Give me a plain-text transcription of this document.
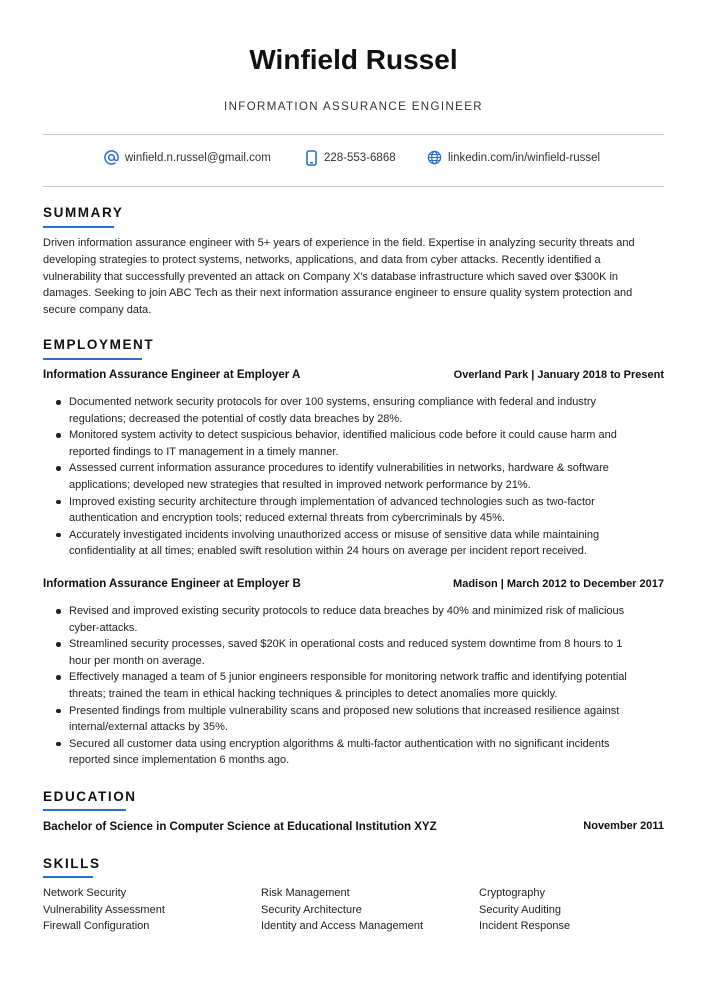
Winfield Russel
INFORMATION ASSURANCE ENGINEER
winfield.n.russel@gmail.com	228-553-6868	linkedin.com/in/winfield-russel
SUMMARY
Driven information assurance engineer with 5+ years of experience in the field. Expertise in analyzing security threats and developing strategies to protect systems, networks, applications, and data from cyber attacks. Recently identified a vulnerability that successfully prevented an attack on Company X's database infrastructure which saved over $300K in damages. Seeking to join ABC Tech as their next information assurance engineer to ensure quality system protection and secure company data.
EMPLOYMENT
Information Assurance Engineer at Employer A	Overland Park | January 2018 to Present
Documented network security protocols for over 100 systems, ensuring compliance with federal and industry regulations; decreased the potential of costly data breaches by 28%.
Monitored system activity to detect suspicious behavior, identified malicious code before it could cause harm and reported findings to IT management in a timely manner.
Assessed current information assurance procedures to identify vulnerabilities in networks, hardware & software applications; developed new strategies that resulted in improved network performance by 21%.
Improved existing security architecture through implementation of advanced technologies such as two-factor authentication and encryption tools; reduced external threats from cybercriminals by 45%.
Accurately investigated incidents involving unauthorized access or misuse of sensitive data while maintaining confidentiality at all times; enabled swift resolution within 24 hours on average per incident report received.
Information Assurance Engineer at Employer B	Madison | March 2012 to December 2017
Revised and improved existing security protocols to reduce data breaches by 40% and minimized risk of malicious cyber-attacks.
Streamlined security processes, saved $20K in operational costs and reduced system downtime from 8 hours to 1 hour per month on average.
Effectively managed a team of 5 junior engineers responsible for monitoring network traffic and identifying potential threats; trained the team in ethical hacking techniques & principles to detect anomalies more quickly.
Presented findings from multiple vulnerability scans and proposed new solutions that increased resilience against internal/external attacks by 35%.
Secured all customer data using encryption algorithms & multi-factor authentication with no significant incidents reported since implementation 6 months ago.
EDUCATION
Bachelor of Science in Computer Science at Educational Institution XYZ	November 2011
SKILLS
Network Security	Risk Management	Cryptography
Vulnerability Assessment	Security Architecture	Security Auditing
Firewall Configuration	Identity and Access Management	Incident Response
